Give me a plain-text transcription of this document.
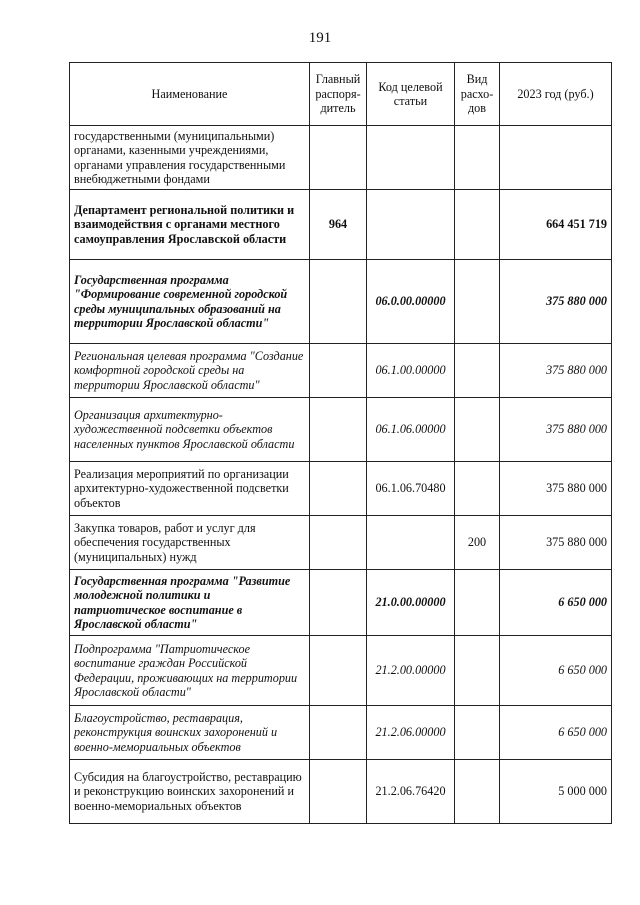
191
Наименование	Главный распоря-дитель	Код целевой статьи	Вид расхо-дов	2023 год (руб.)
государственными (муниципальными) органами, казенными учреждениями, органами управления государственными внебюджетными фондами				
Департамент региональной политики и взаимодействия с органами местного самоуправления Ярославской области	964			664 451 719
Государственная программа "Формирование современной городской среды муниципальных образований на территории Ярославской области"		06.0.00.00000		375 880 000
Региональная целевая программа "Создание комфортной городской среды на территории Ярославской области"		06.1.00.00000		375 880 000
Организация архитектурно-художественной подсветки объектов населенных пунктов Ярославской области		06.1.06.00000		375 880 000
Реализация мероприятий по организации архитектурно-художественной подсветки объектов		06.1.06.70480		375 880 000
Закупка товаров, работ и услуг для обеспечения государственных (муниципальных) нужд			200	375 880 000
Государственная программа "Развитие молодежной политики и патриотическое воспитание в Ярославской области"		21.0.00.00000		6 650 000
Подпрограмма "Патриотическое воспитание граждан Российской Федерации, проживающих на территории Ярославской области"		21.2.00.00000		6 650 000
Благоустройство, реставрация, реконструкция воинских захоронений и военно-мемориальных объектов		21.2.06.00000		6 650 000
Субсидия на благоустройство, реставрацию и реконструкцию воинских захоронений и военно-мемориальных объектов		21.2.06.76420		5 000 000
